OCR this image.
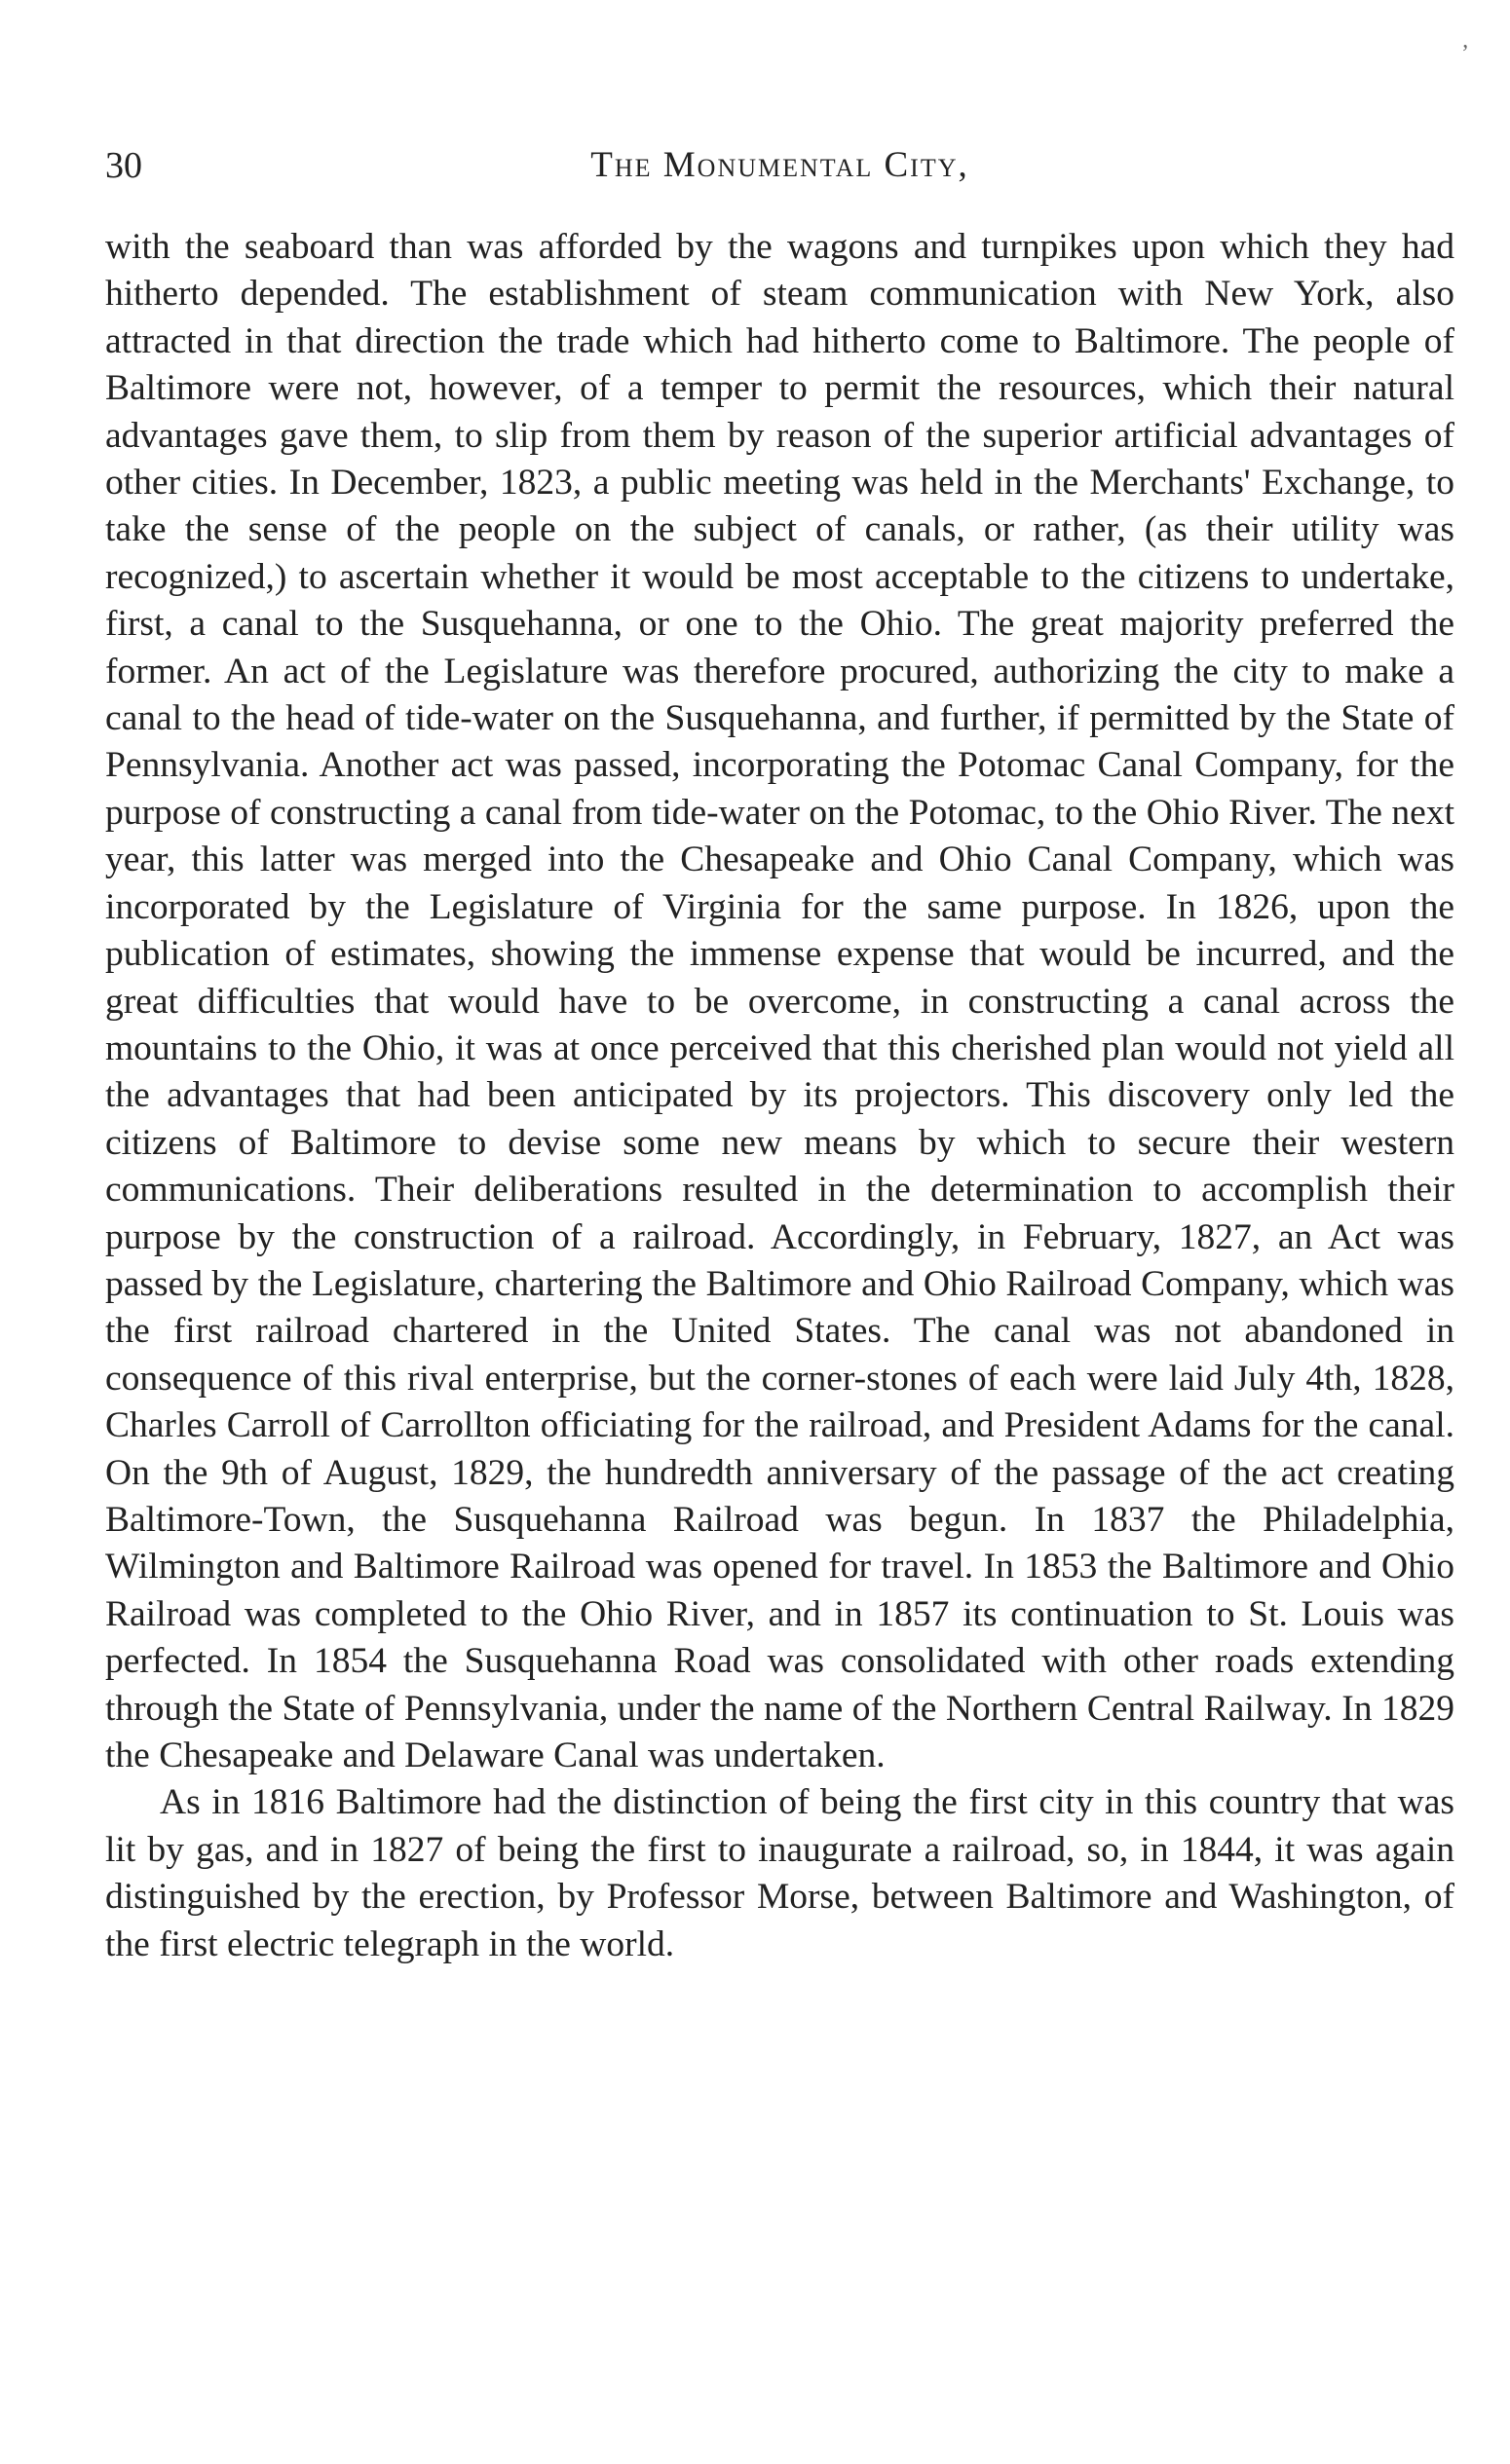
ʼ
30	The Monumental City,

with the seaboard than was afforded by the wagons and turnpikes upon which they had hitherto depended. The establishment of steam communication with New York, also attracted in that direction the trade which had hitherto come to Baltimore. The people of Baltimore were not, however, of a temper to permit the resources, which their natural advantages gave them, to slip from them by reason of the superior artificial advantages of other cities. In December, 1823, a public meeting was held in the Merchants' Exchange, to take the sense of the people on the subject of canals, or rather, (as their utility was recognized,) to ascertain whether it would be most acceptable to the citizens to undertake, first, a canal to the Susquehanna, or one to the Ohio. The great majority preferred the former. An act of the Legislature was therefore procured, authorizing the city to make a canal to the head of tide-water on the Susquehanna, and further, if permitted by the State of Pennsylvania. Another act was passed, incorporating the Potomac Canal Company, for the purpose of constructing a canal from tide-water on the Potomac, to the Ohio River. The next year, this latter was merged into the Chesapeake and Ohio Canal Company, which was incorporated by the Legislature of Virginia for the same purpose. In 1826, upon the publication of estimates, showing the immense expense that would be incurred, and the great difficulties that would have to be overcome, in constructing a canal across the mountains to the Ohio, it was at once perceived that this cherished plan would not yield all the advantages that had been anticipated by its projectors. This discovery only led the citizens of Baltimore to devise some new means by which to secure their western communications. Their deliberations resulted in the determination to accomplish their purpose by the construction of a railroad. Accordingly, in February, 1827, an Act was passed by the Legislature, chartering the Baltimore and Ohio Railroad Company, which was the first railroad chartered in the United States. The canal was not abandoned in consequence of this rival enterprise, but the corner-stones of each were laid July 4th, 1828, Charles Carroll of Carrollton officiating for the railroad, and President Adams for the canal. On the 9th of August, 1829, the hundredth anniversary of the passage of the act creating Baltimore-Town, the Susquehanna Railroad was begun. In 1837 the Philadelphia, Wilmington and Baltimore Railroad was opened for travel. In 1853 the Baltimore and Ohio Railroad was completed to the Ohio River, and in 1857 its continuation to St. Louis was perfected. In 1854 the Susquehanna Road was consolidated with other roads extending through the State of Pennsylvania, under the name of the Northern Central Railway. In 1829 the Chesapeake and Delaware Canal was undertaken.

As in 1816 Baltimore had the distinction of being the first city in this country that was lit by gas, and in 1827 of being the first to inaugurate a railroad, so, in 1844, it was again distinguished by the erection, by Professor Morse, between Baltimore and Washington, of the first electric telegraph in the world.
